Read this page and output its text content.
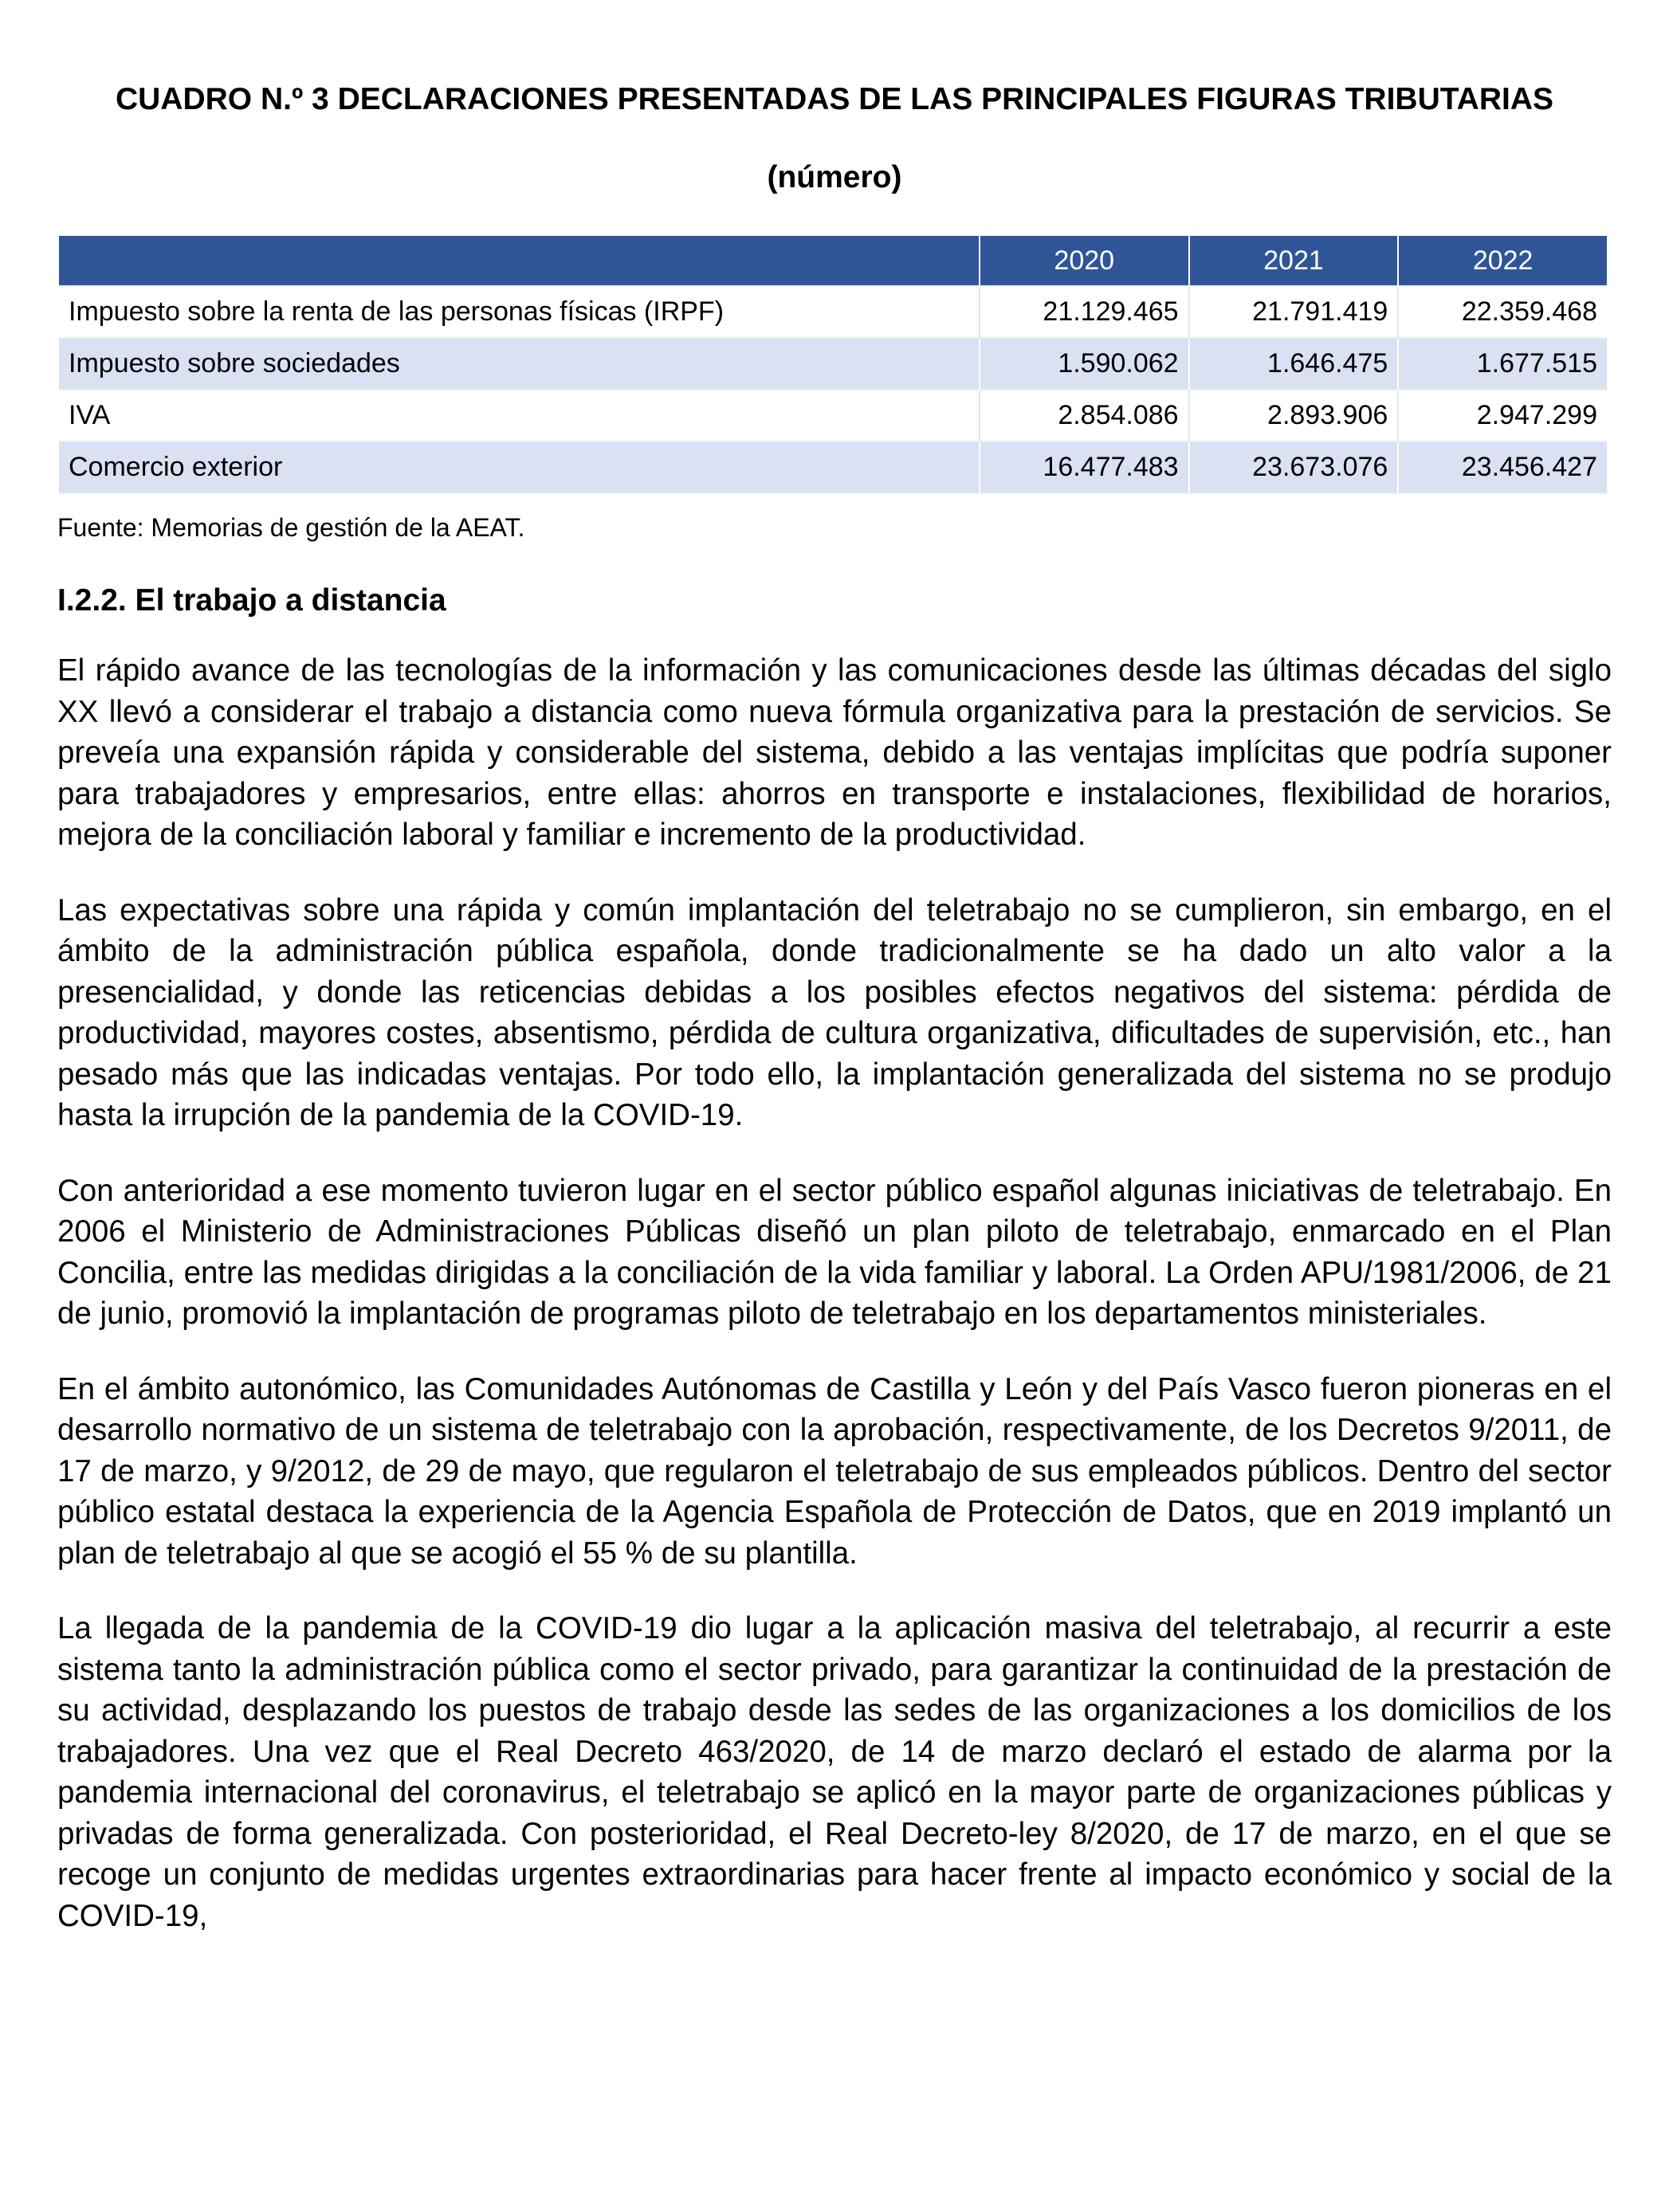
CUADRO N.º 3 DECLARACIONES PRESENTADAS DE LAS PRINCIPALES FIGURAS TRIBUTARIAS
(número)
	2020	2021	2022
Impuesto sobre la renta de las personas físicas (IRPF)	21.129.465	21.791.419	22.359.468
Impuesto sobre sociedades	1.590.062	1.646.475	1.677.515
IVA	2.854.086	2.893.906	2.947.299
Comercio exterior	16.477.483	23.673.076	23.456.427
Fuente: Memorias de gestión de la AEAT.
I.2.2. El trabajo a distancia

El rápido avance de las tecnologías de la información y las comunicaciones desde las últimas décadas del siglo XX llevó a considerar el trabajo a distancia como nueva fórmula organizativa para la prestación de servicios. Se preveía una expansión rápida y considerable del sistema, debido a las ventajas implícitas que podría suponer para trabajadores y empresarios, entre ellas: ahorros en transporte e instalaciones, flexibilidad de horarios, mejora de la conciliación laboral y familiar e incremento de la productividad.

Las expectativas sobre una rápida y común implantación del teletrabajo no se cumplieron, sin embargo, en el ámbito de la administración pública española, donde tradicionalmente se ha dado un alto valor a la presencialidad, y donde las reticencias debidas a los posibles efectos negativos del sistema: pérdida de productividad, mayores costes, absentismo, pérdida de cultura organizativa, dificultades de supervisión, etc., han pesado más que las indicadas ventajas. Por todo ello, la implantación generalizada del sistema no se produjo hasta la irrupción de la pandemia de la COVID-19.

Con anterioridad a ese momento tuvieron lugar en el sector público español algunas iniciativas de teletrabajo. En 2006 el Ministerio de Administraciones Públicas diseñó un plan piloto de teletrabajo, enmarcado en el Plan Concilia, entre las medidas dirigidas a la conciliación de la vida familiar y laboral. La Orden APU/1981/2006, de 21 de junio, promovió la implantación de programas piloto de teletrabajo en los departamentos ministeriales.

En el ámbito autonómico, las Comunidades Autónomas de Castilla y León y del País Vasco fueron pioneras en el desarrollo normativo de un sistema de teletrabajo con la aprobación, respectivamente, de los Decretos 9/2011, de 17 de marzo, y 9/2012, de 29 de mayo, que regularon el teletrabajo de sus empleados públicos. Dentro del sector público estatal destaca la experiencia de la Agencia Española de Protección de Datos, que en 2019 implantó un plan de teletrabajo al que se acogió el 55 % de su plantilla.

La llegada de la pandemia de la COVID-19 dio lugar a la aplicación masiva del teletrabajo, al recurrir a este sistema tanto la administración pública como el sector privado, para garantizar la continuidad de la prestación de su actividad, desplazando los puestos de trabajo desde las sedes de las organizaciones a los domicilios de los trabajadores. Una vez que el Real Decreto 463/2020, de 14 de marzo declaró el estado de alarma por la pandemia internacional del coronavirus, el teletrabajo se aplicó en la mayor parte de organizaciones públicas y privadas de forma generalizada. Con posterioridad, el Real Decreto-ley 8/2020, de 17 de marzo, en el que se recoge un conjunto de medidas urgentes extraordinarias para hacer frente al impacto económico y social de la COVID-19,
